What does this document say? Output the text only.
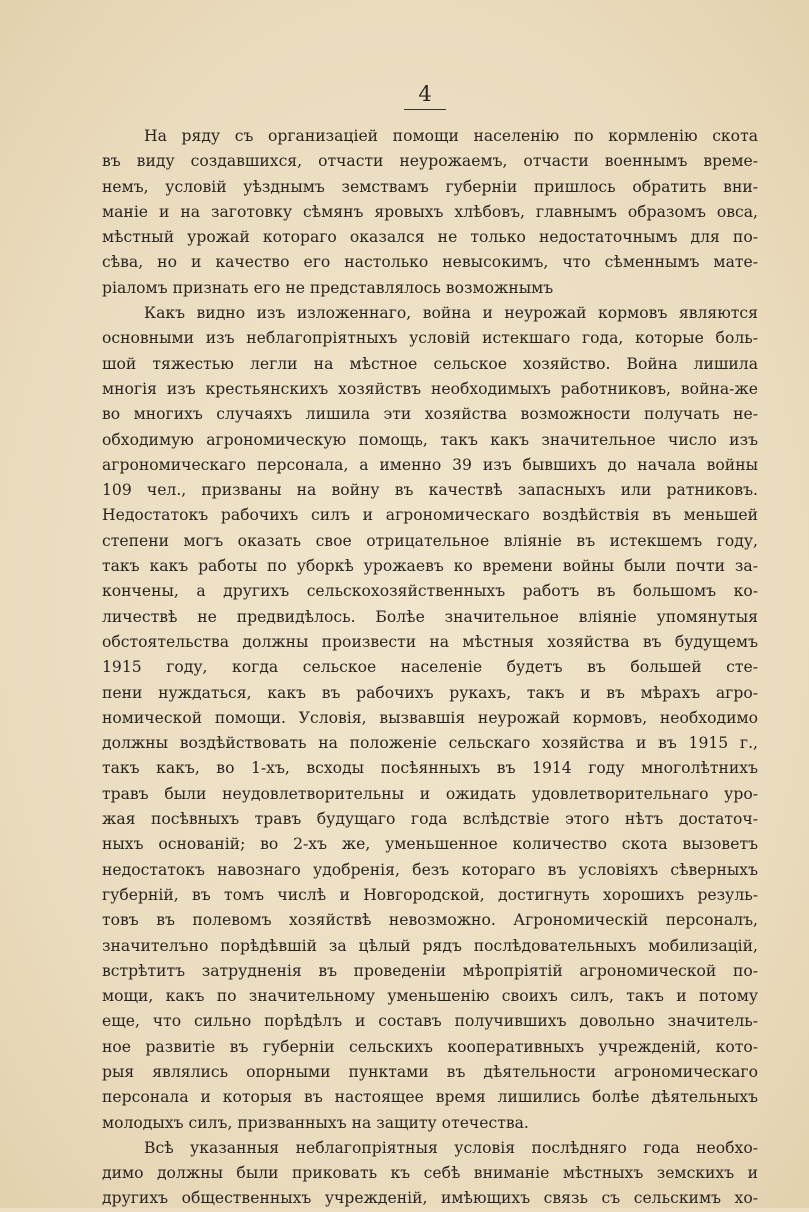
4
На ряду съ организацiей помощи населенiю по кормленiю скота
въ виду создавшихся, отчасти неурожаемъ, отчасти военнымъ време-
немъ, условiй уѣзднымъ земствамъ губернiи пришлось обратить вни-
манiе и на заготовку сѣмянъ яровыхъ хлѣбовъ, главнымъ образомъ овса,
мѣстный урожай котораго оказался не только недостаточнымъ для по-
сѣва, но и качество его настолько невысокимъ, что сѣменнымъ мате-
рiаломъ признать его не представлялось возможнымъ
Какъ видно изъ изложеннаго, война и неурожай кормовъ являются
основными изъ неблагопрiятныхъ условiй истекшаго года, которые боль-
шой тяжестью легли на мѣстное сельское хозяйство. Война лишила
многiя изъ крестьянскихъ хозяйствъ необходимыхъ работниковъ, война-же
во многихъ случаяхъ лишила эти хозяйства возможности получать не-
обходимую агрономическую помощь, такъ какъ значительное число изъ
агрономическаго персонала, а именно 39 изъ бывшихъ до начала войны
109 чел., призваны на войну въ качествѣ запасныхъ или ратниковъ.
Недостатокъ рабочихъ силъ и агрономическаго воздѣйствiя въ меньшей
степени могъ оказать свое отрицательное влiянiе въ истекшемъ году,
такъ какъ работы по уборкѣ урожаевъ ко времени войны были почти за-
кончены, а другихъ сельскохозяйственныхъ работъ въ большомъ ко-
личествѣ не предвидѣлось. Болѣе значительное влiянiе упомянутыя
обстоятельства должны произвести на мѣстныя хозяйства въ будущемъ
1915 году, когда сельское населенiе будетъ въ большей сте-
пени нуждаться, какъ въ рабочихъ рукахъ, такъ и въ мѣрахъ агро-
номической помощи. Условiя, вызвавшiя неурожай кормовъ, необходимо
должны воздѣйствовать на положенiе сельскаго хозяйства и въ 1915 г.,
такъ какъ, во 1-хъ, всходы посѣянныхъ въ 1914 году многолѣтнихъ
травъ были неудовлетворительны и ожидать удовлетворительнаго уро-
жая посѣвныхъ травъ будущаго года вслѣдствiе этого нѣтъ достаточ-
ныхъ основанiй; во 2-хъ же, уменьшенное количество скота вызоветъ
недостатокъ навознаго удобренiя, безъ котораго въ условiяхъ сѣверныхъ
губернiй, въ томъ числѣ и Новгородской, достигнуть хорошихъ резуль-
товъ въ полевомъ хозяйствѣ невозможно. Агрономическiй персоналъ,
значителъно порѣдѣвшiй за цѣлый рядъ послѣдовательныхъ мобилизацiй,
встрѣтитъ затрудненiя въ проведенiи мѣропрiятiй агрономической по-
мощи, какъ по значительному уменьшенiю своихъ силъ, такъ и потому
еще, что сильно порѣдѣлъ и составъ получившихъ довольно значитель-
ное развитiе въ губернiи сельскихъ кооперативныхъ учрежденiй, кото-
рыя являлись опорными пунктами въ дѣятельности агрономическаго
персонала и которыя въ настоящее время лишились болѣе дѣятельныхъ
молодыхъ силъ, призванныхъ на защиту отечества.
Всѣ указанныя неблагопрiятныя условiя послѣдняго года необхо-
димо должны были приковать къ себѣ вниманiе мѣстныхъ земскихъ и
другихъ общественныхъ учрежденiй, имѣющихъ связь съ сельскимъ хо-
